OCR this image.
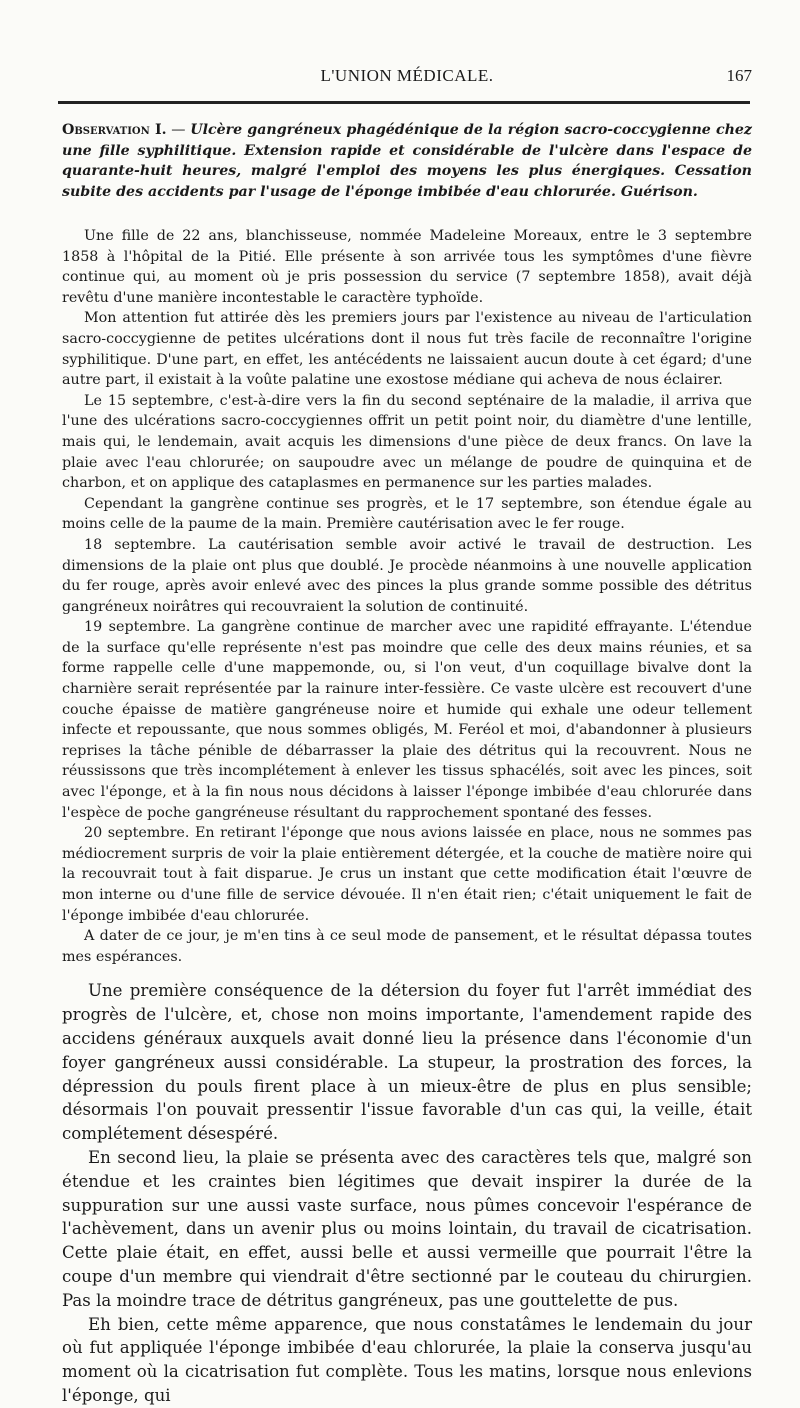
L'UNION MÉDICALE.	167

Observation I. — Ulcère gangréneux phagédénique de la région sacro-coccygienne chez une fille syphilitique. Extension rapide et considérable de l'ulcère dans l'espace de quarante-huit heures, malgré l'emploi des moyens les plus énergiques. Cessation subite des accidents par l'usage de l'éponge imbibée d'eau chlorurée. Guérison.

Une fille de 22 ans, blanchisseuse, nommée Madeleine Moreaux, entre le 3 septembre 1858 à l'hôpital de la Pitié. Elle présente à son arrivée tous les symptômes d'une fièvre continue qui, au moment où je pris possession du service (7 septembre 1858), avait déjà revêtu d'une manière incontestable le caractère typhoïde.

Mon attention fut attirée dès les premiers jours par l'existence au niveau de l'articulation sacro-coccygienne de petites ulcérations dont il nous fut très facile de reconnaître l'origine syphilitique. D'une part, en effet, les antécédents ne laissaient aucun doute à cet égard; d'une autre part, il existait à la voûte palatine une exostose médiane qui acheva de nous éclairer.

Le 15 septembre, c'est-à-dire vers la fin du second septénaire de la maladie, il arriva que l'une des ulcérations sacro-coccygiennes offrit un petit point noir, du diamètre d'une lentille, mais qui, le lendemain, avait acquis les dimensions d'une pièce de deux francs. On lave la plaie avec l'eau chlorurée; on saupoudre avec un mélange de poudre de quinquina et de charbon, et on applique des cataplasmes en permanence sur les parties malades.

Cependant la gangrène continue ses progrès, et le 17 septembre, son étendue égale au moins celle de la paume de la main. Première cautérisation avec le fer rouge.

18 septembre. La cautérisation semble avoir activé le travail de destruction. Les dimensions de la plaie ont plus que doublé. Je procède néanmoins à une nouvelle application du fer rouge, après avoir enlevé avec des pinces la plus grande somme possible des détritus gangréneux noirâtres qui recouvraient la solution de continuité.

19 septembre. La gangrène continue de marcher avec une rapidité effrayante. L'étendue de la surface qu'elle représente n'est pas moindre que celle des deux mains réunies, et sa forme rappelle celle d'une mappemonde, ou, si l'on veut, d'un coquillage bivalve dont la charnière serait représentée par la rainure inter-fessière. Ce vaste ulcère est recouvert d'une couche épaisse de matière gangréneuse noire et humide qui exhale une odeur tellement infecte et repoussante, que nous sommes obligés, M. Feréol et moi, d'abandonner à plusieurs reprises la tâche pénible de débarrasser la plaie des détritus qui la recouvrent. Nous ne réussissons que très incomplétement à enlever les tissus sphacélés, soit avec les pinces, soit avec l'éponge, et à la fin nous nous décidons à laisser l'éponge imbibée d'eau chlorurée dans l'espèce de poche gangréneuse résultant du rapprochement spontané des fesses.

20 septembre. En retirant l'éponge que nous avions laissée en place, nous ne sommes pas médiocrement surpris de voir la plaie entièrement détergée, et la couche de matière noire qui la recouvrait tout à fait disparue. Je crus un instant que cette modification était l'œuvre de mon interne ou d'une fille de service dévouée. Il n'en était rien; c'était uniquement le fait de l'éponge imbibée d'eau chlorurée.

A dater de ce jour, je m'en tins à ce seul mode de pansement, et le résultat dépassa toutes mes espérances.

Une première conséquence de la détersion du foyer fut l'arrêt immédiat des progrès de l'ulcère, et, chose non moins importante, l'amendement rapide des accidens généraux auxquels avait donné lieu la présence dans l'économie d'un foyer gangréneux aussi considérable. La stupeur, la prostration des forces, la dépression du pouls firent place à un mieux-être de plus en plus sensible; désormais l'on pouvait pressentir l'issue favorable d'un cas qui, la veille, était complétement désespéré.

En second lieu, la plaie se présenta avec des caractères tels que, malgré son étendue et les craintes bien légitimes que devait inspirer la durée de la suppuration sur une aussi vaste surface, nous pûmes concevoir l'espérance de l'achèvement, dans un avenir plus ou moins lointain, du travail de cicatrisation. Cette plaie était, en effet, aussi belle et aussi vermeille que pourrait l'être la coupe d'un membre qui viendrait d'être sectionné par le couteau du chirurgien. Pas la moindre trace de détritus gangréneux, pas une gouttelette de pus.

Eh bien, cette même apparence, que nous constatâmes le lendemain du jour où fut appliquée l'éponge imbibée d'eau chlorurée, la plaie la conserva jusqu'au moment où la cicatrisation fut complète. Tous les matins, lorsque nous enlevions l'éponge, qui
